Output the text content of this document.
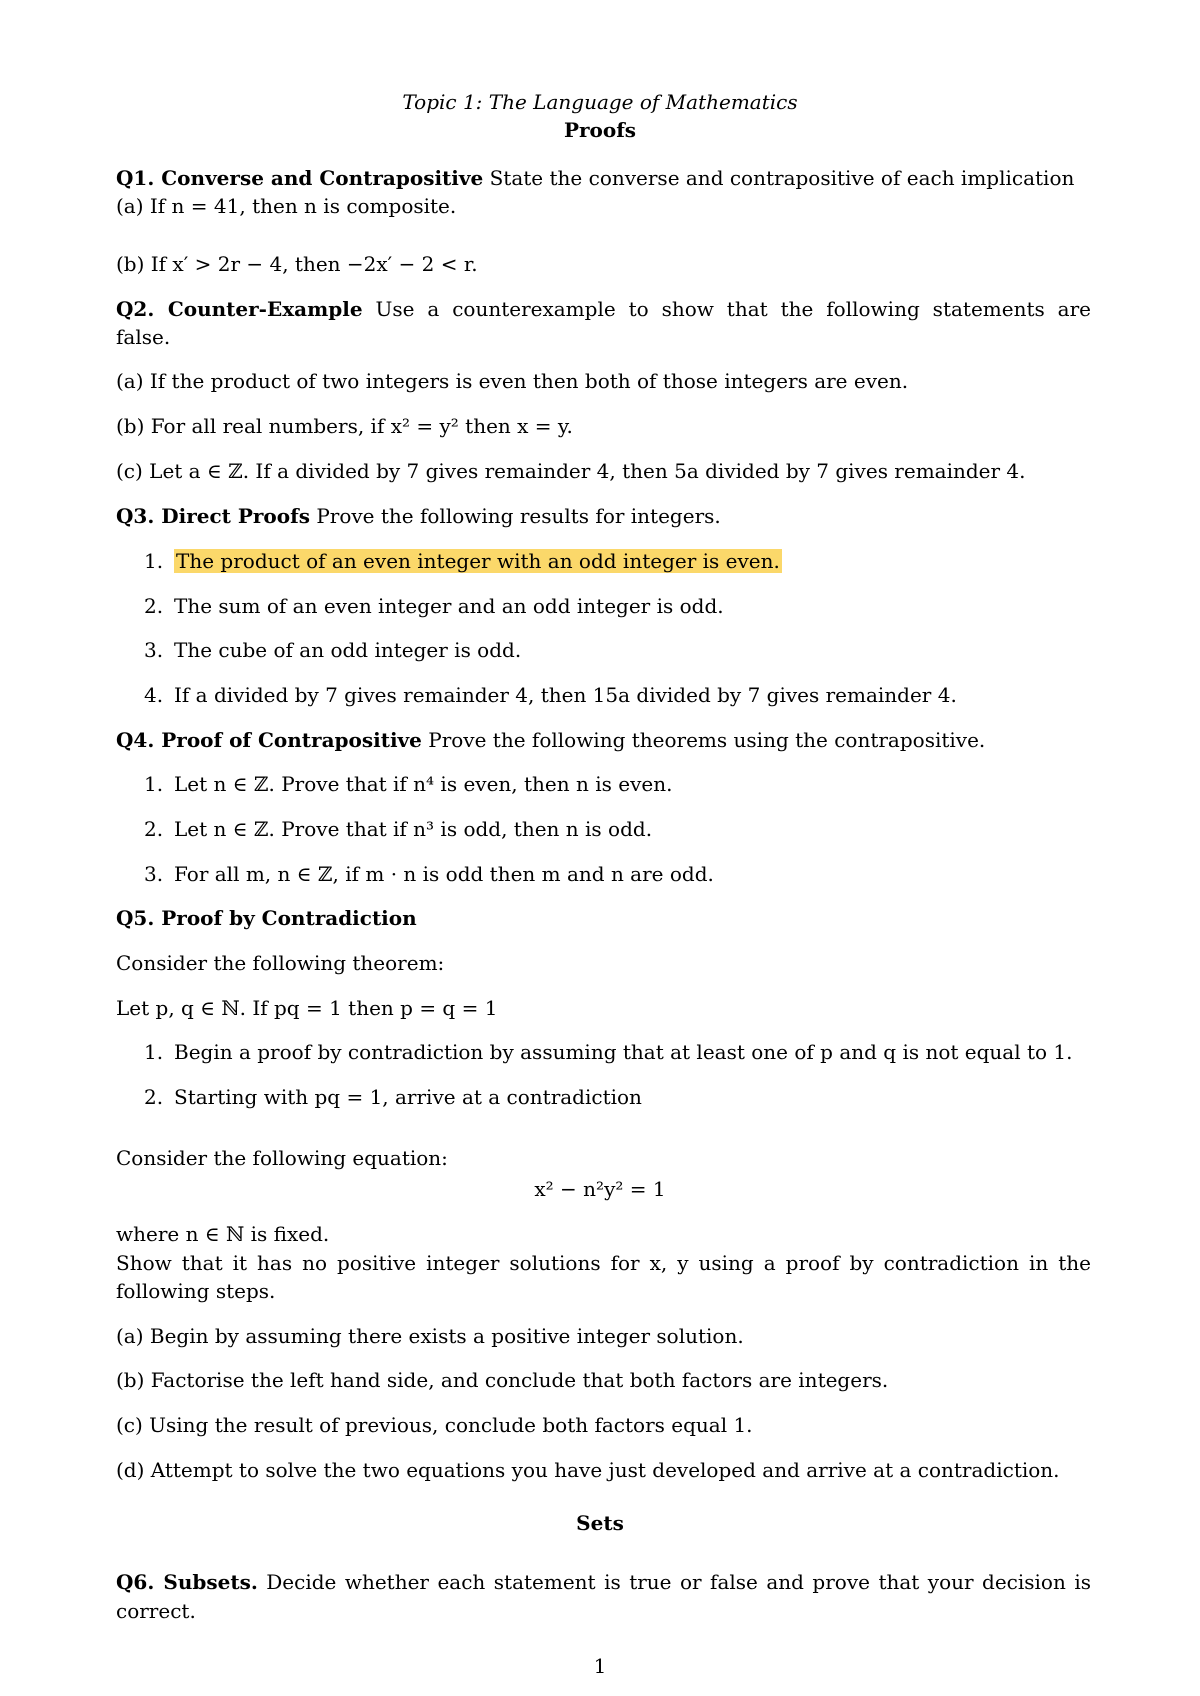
Topic 1: The Language of Mathematics
Proofs
Q1. Converse and Contrapositive State the converse and contrapositive of each implication
(a) If n = 41, then n is composite.
(b) If x′ > 2r − 4, then −2x′ − 2 < r.
Q2. Counter-Example Use a counterexample to show that the following statements are
false.
(a) If the product of two integers is even then both of those integers are even.
(b) For all real numbers, if x² = y² then x = y.
(c) Let a ∈ ℤ. If a divided by 7 gives remainder 4, then 5a divided by 7 gives remainder 4.
Q3. Direct Proofs Prove the following results for integers.
1. The product of an even integer with an odd integer is even.
2. The sum of an even integer and an odd integer is odd.
3. The cube of an odd integer is odd.
4. If a divided by 7 gives remainder 4, then 15a divided by 7 gives remainder 4.
Q4. Proof of Contrapositive Prove the following theorems using the contrapositive.
1. Let n ∈ ℤ. Prove that if n⁴ is even, then n is even.
2. Let n ∈ ℤ. Prove that if n³ is odd, then n is odd.
3. For all m, n ∈ ℤ, if m · n is odd then m and n are odd.
Q5. Proof by Contradiction
Consider the following theorem:
Let p, q ∈ ℕ. If pq = 1 then p = q = 1
1. Begin a proof by contradiction by assuming that at least one of p and q is not equal to 1.
2. Starting with pq = 1, arrive at a contradiction
Consider the following equation:
x² − n²y² = 1
where n ∈ ℕ is fixed.
Show that it has no positive integer solutions for x, y using a proof by contradiction in the
following steps.
(a) Begin by assuming there exists a positive integer solution.
(b) Factorise the left hand side, and conclude that both factors are integers.
(c) Using the result of previous, conclude both factors equal 1.
(d) Attempt to solve the two equations you have just developed and arrive at a contradiction.
Sets
Q6. Subsets. Decide whether each statement is true or false and prove that your decision is
correct.
1
